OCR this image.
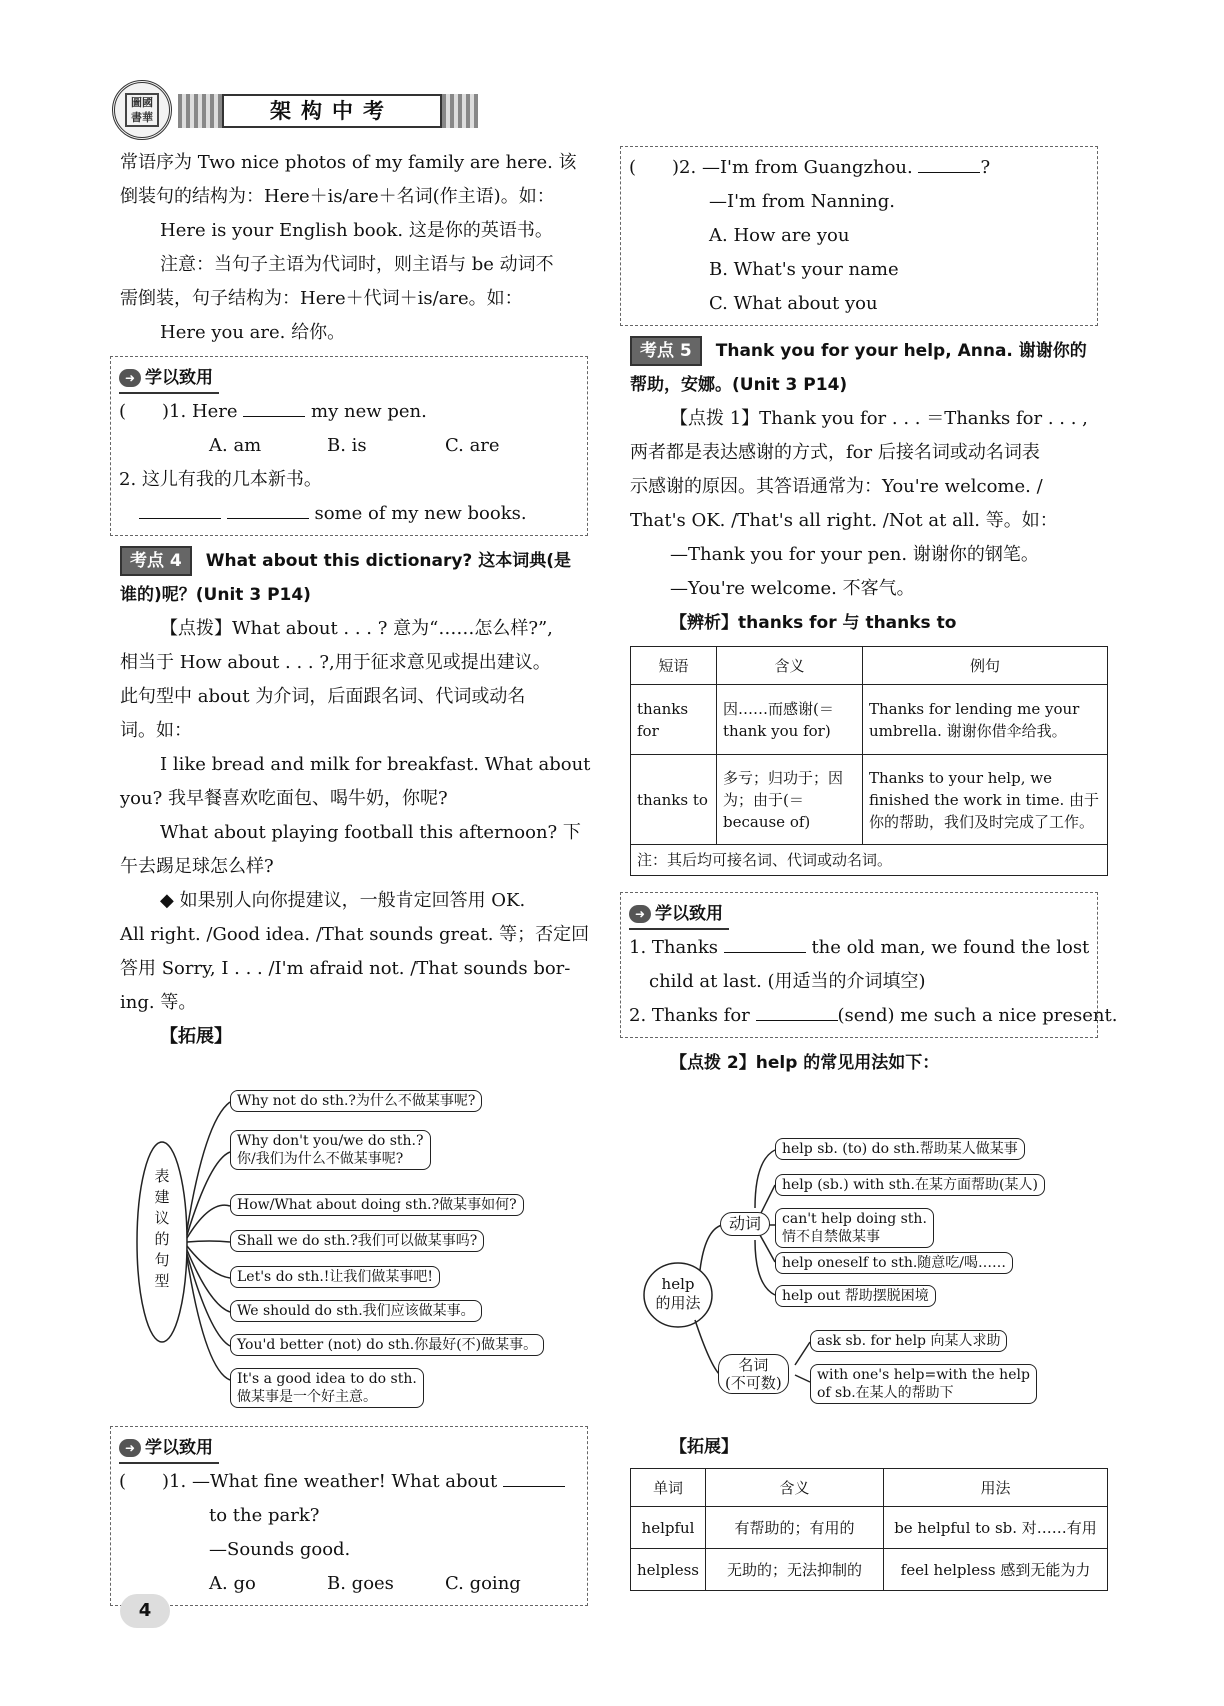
圖國
書華	架构中考
常语序为 Two nice photos of my family are here. 该
倒装句的结构为：Here＋is/are＋名词(作主语)。如：
Here is your English book. 这是你的英语书。
注意：当句子主语为代词时，则主语与 be 动词不
需倒装，句子结构为：Here＋代词＋is/are。如：
Here you are. 给你。
➜ 学以致用
(　　)1. Here	my new pen.
A. am	B. is	C. are
2. 这儿有我的几本新书。
some of my new books.
考点 4 What about this dictionary? 这本词典(是
谁的)呢？(Unit 3 P14)
【点拨】What about . . . ? 意为“……怎么样?”,
相当于 How about . . . ?,用于征求意见或提出建议。
此句型中 about 为介词，后面跟名词、代词或动名
词。如：
I like bread and milk for breakfast. What about
you? 我早餐喜欢吃面包、喝牛奶，你呢?
What about playing football this afternoon? 下
午去踢足球怎么样?
◆ 如果别人向你提建议，一般肯定回答用 OK.
All right. /Good idea. /That sounds great. 等；否定回
答用 Sorry, I . . . /I'm afraid not. /That sounds bor-
ing. 等。
【拓展】
表建议的句型
Why not do sth.?为什么不做某事呢?
Why don't you/we do sth.?
你/我们为什么不做某事呢?
How/What about doing sth.?做某事如何?
Shall we do sth.?我们可以做某事吗?
Let's do sth.!让我们做某事吧!
We should do sth.我们应该做某事。
You'd better (not) do sth.你最好(不)做某事。
It's a good idea to do sth.
做某事是一个好主意。
➜ 学以致用
(　　)1. —What fine weather! What about
to the park?
—Sounds good.
A. go	B. goes	C. going
(　　)2. —I'm from Guangzhou.	?
—I'm from Nanning.
A. How are you
B. What's your name
C. What about you
考点 5 Thank you for your help, Anna. 谢谢你的
帮助，安娜。(Unit 3 P14)
【点拨 1】Thank you for . . . ＝Thanks for . . . ,
两者都是表达感谢的方式，for 后接名词或动名词表
示感谢的原因。其答语通常为：You're welcome. /
That's OK. /That's all right. /Not at all. 等。如：
—Thank you for your pen. 谢谢你的钢笔。
—You're welcome. 不客气。
【辨析】thanks for 与 thanks to
短语	含义	例句
thanks for	因……而感谢(＝thank you for)	Thanks for lending me your umbrella. 谢谢你借伞给我。
thanks to	多亏；归功于；因为；由于(＝because of)	Thanks to your help, we finished the work in time. 由于你的帮助，我们及时完成了工作。
注：其后均可接名词、代词或动名词。		
➜ 学以致用
1. Thanks	the old man, we found the lost
child at last. (用适当的介词填空)
2. Thanks for	(send) me such a nice present.
【点拨 2】help 的常见用法如下：
help
的用法
动词
名词
(不可数)
help sb. (to) do sth.帮助某人做某事
help (sb.) with sth.在某方面帮助(某人)
can't help doing sth.
情不自禁做某事
help oneself to sth.随意吃/喝……
help out 帮助摆脱困境
ask sb. for help 向某人求助
with one's help=with the help
of sb.在某人的帮助下
【拓展】
单词	含义	用法
helpful	有帮助的；有用的	be helpful to sb. 对……有用
helpless	无助的；无法抑制的	feel helpless 感到无能为力
4
